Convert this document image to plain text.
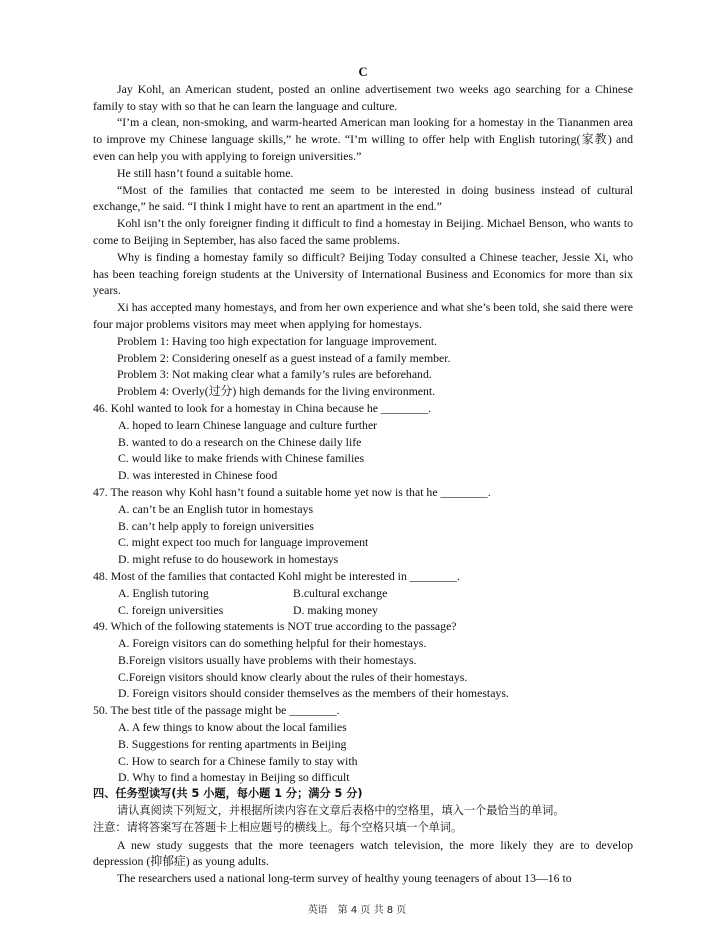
C

Jay Kohl, an American student, posted an online advertisement two weeks ago searching for a Chinese family to stay with so that he can learn the language and culture.

“I’m a clean, non-smoking, and warm-hearted American man looking for a homestay in the Tiananmen area to improve my Chinese language skills,” he wrote. “I’m willing to offer help with English tutoring(家教) and even can help you with applying to foreign universities.”

He still hasn’t found a suitable home.

“Most of the families that contacted me seem to be interested in doing business instead of cultural exchange,” he said. “I think I might have to rent an apartment in the end.”

Kohl isn’t the only foreigner finding it difficult to find a homestay in Beijing. Michael Benson, who wants to come to Beijing in September, has also faced the same problems.

Why is finding a homestay family so difficult? Beijing Today consulted a Chinese teacher, Jessie Xi, who has been teaching foreign students at the University of International Business and Economics for more than six years.

Xi has accepted many homestays, and from her own experience and what she’s been told, she said there were four major problems visitors may meet when applying for homestays.

Problem 1: Having too high expectation for language improvement.

Problem 2: Considering oneself as a guest instead of a family member.

Problem 3: Not making clear what a family’s rules are beforehand.

Problem 4: Overly(过分) high demands for the living environment.

46. Kohl wanted to look for a homestay in China because he ________.

A. hoped to learn Chinese language and culture further

B. wanted to do a research on the Chinese daily life

C. would like to make friends with Chinese families

D. was interested in Chinese food

47. The reason why Kohl hasn’t found a suitable home yet now is that he ________.

A. can’t be an English tutor in homestays

B. can’t help apply to foreign universities

C. might expect too much for language improvement

D. might refuse to do housework in homestays

48. Most of the families that contacted Kohl might be interested in ________.

A. English tutoring	B.cultural exchange
C. foreign universities	D. making money

49. Which of the following statements is NOT true according to the passage?

A. Foreign visitors can do something helpful for their homestays.

B.Foreign visitors usually have problems with their homestays.

C.Foreign visitors should know clearly about the rules of their homestays.

D. Foreign visitors should consider themselves as the members of their homestays.

50. The best title of the passage might be ________.

A. A few things to know about the local families

B. Suggestions for renting apartments in Beijing

C. How to search for a Chinese family to stay with

D. Why to find a homestay in Beijing so difficult

四、任务型读写(共 5 小题，每小题 1 分；满分 5 分)

请认真阅读下列短文，并根据所读内容在文章后表格中的空格里，填入一个最恰当的单词。

注意：请将答案写在答题卡上相应题号的横线上。每个空格只填一个单词。

A new study suggests that the more teenagers watch television, the more likely they are to develop depression (抑郁症) as young adults.

The researchers used a national long-term survey of healthy young teenagers of about 13—16 to

英语　第 4 页 共 8 页
